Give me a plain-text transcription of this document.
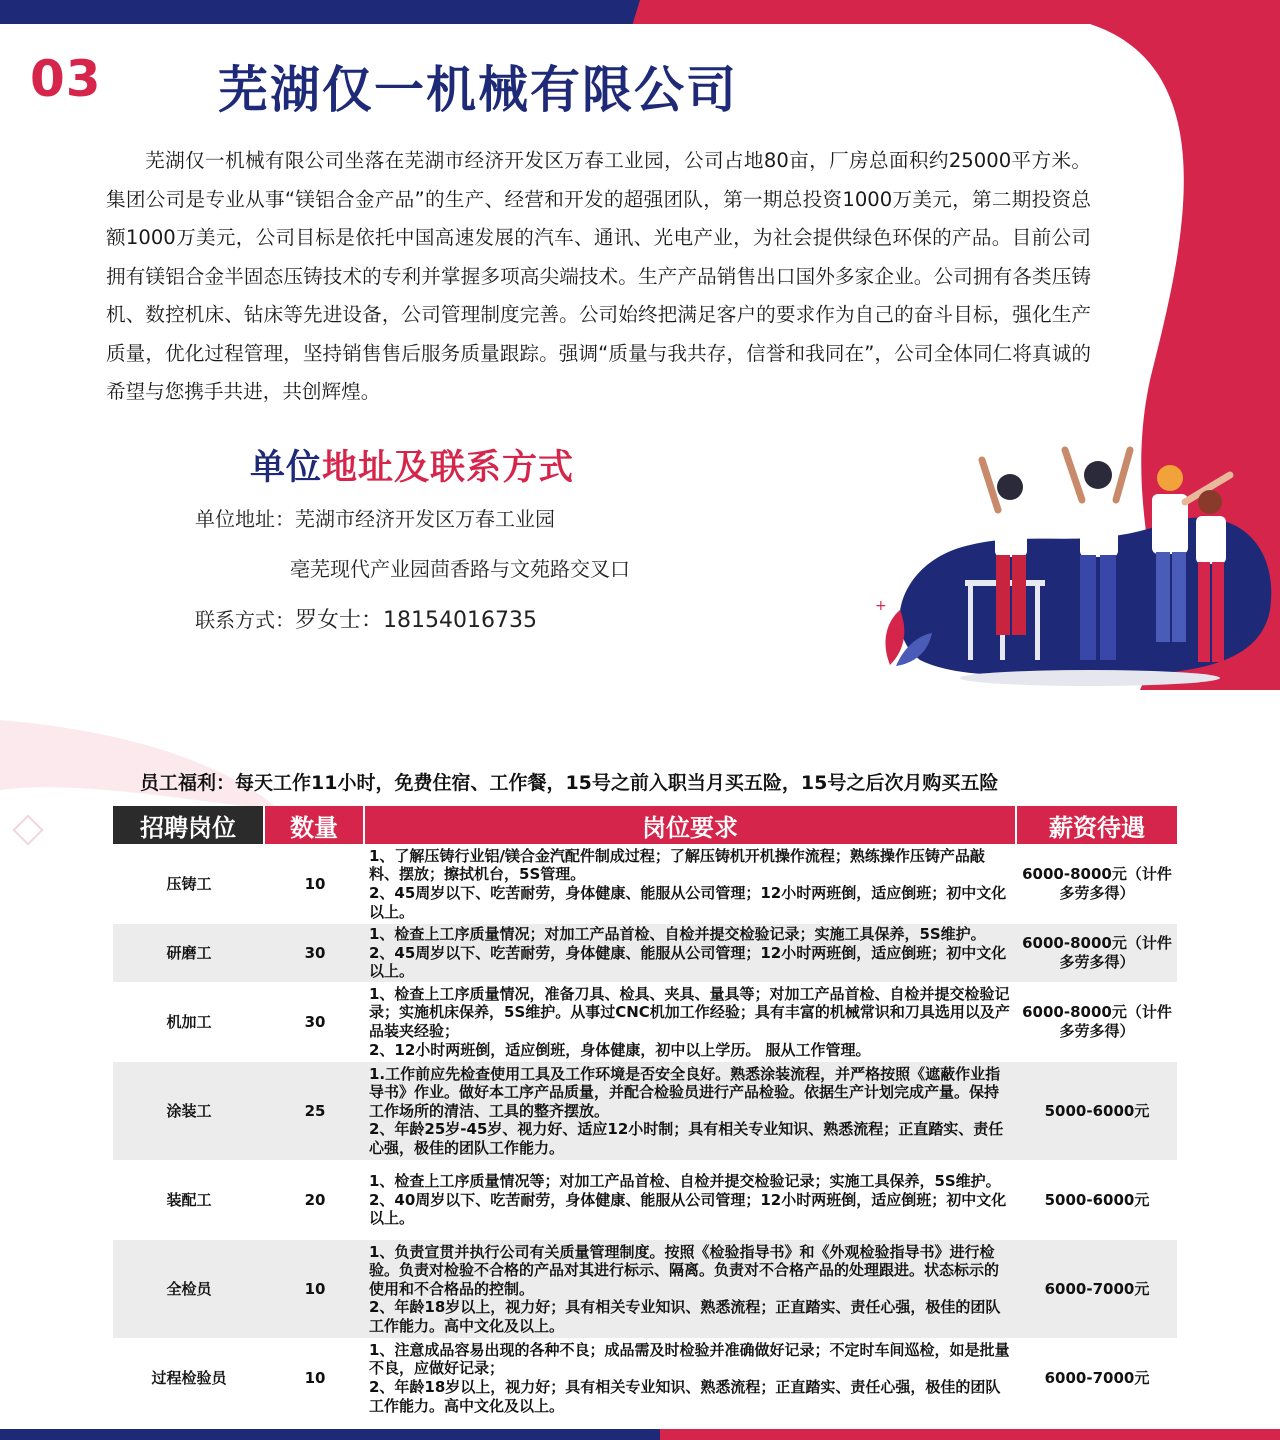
03 芜湖仅一机械有限公司

芜湖仅一机械有限公司坐落在芜湖市经济开发区万春工业园，公司占地80亩，厂房总面积约25000平方米。集团公司是专业从事“镁铝合金产品”的生产、经营和开发的超强团队，第一期总投资1000万美元，第二期投资总额1000万美元，公司目标是依托中国高速发展的汽车、通讯、光电产业，为社会提供绿色环保的产品。目前公司拥有镁铝合金半固态压铸技术的专利并掌握多项高尖端技术。生产产品销售出口国外多家企业。公司拥有各类压铸机、数控机床、钻床等先进设备，公司管理制度完善。公司始终把满足客户的要求作为自己的奋斗目标，强化生产质量，优化过程管理，坚持销售售后服务质量跟踪。强调“质量与我共存，信誉和我同在”，公司全体同仁将真诚的希望与您携手共进，共创辉煌。

单位地址及联系方式
单位地址：芜湖市经济开发区万春工业园
亳芜现代产业园茴香路与文苑路交叉口
联系方式：罗女士：18154016735
+
员工福利：每天工作11小时，免费住宿、工作餐，15号之前入职当月买五险，15号之后次月购买五险
招聘岗位	数量	岗位要求	薪资待遇
压铸工	10	1、了解压铸行业铝/镁合金汽配件制成过程；了解压铸机开机操作流程；熟练操作压铸产品敲料、摆放；擦拭机台，5S管理。
2、45周岁以下、吃苦耐劳，身体健康、能服从公司管理；12小时两班倒，适应倒班；初中文化以上。	6000-8000元（计件多劳多得）
研磨工	30	1、检查上工序质量情况；对加工产品首检、自检并提交检验记录；实施工具保养，5S维护。
2、45周岁以下、吃苦耐劳，身体健康、能服从公司管理；12小时两班倒，适应倒班；初中文化以上。	6000-8000元（计件多劳多得）
机加工	30	1、检查上工序质量情况，准备刀具、检具、夹具、量具等；对加工产品首检、自检并提交检验记录；实施机床保养，5S维护。从事过CNC机加工作经验；具有丰富的机械常识和刀具选用以及产品装夹经验；
2、12小时两班倒，适应倒班，身体健康，初中以上学历。 服从工作管理。	6000-8000元（计件多劳多得）
涂装工	25	1.工作前应先检查使用工具及工作环境是否安全良好。熟悉涂装流程，并严格按照《遮蔽作业指导书》作业。做好本工序产品质量，并配合检验员进行产品检验。依据生产计划完成产量。保持工作场所的清洁、工具的整齐摆放。
2、年龄25岁-45岁、视力好、适应12小时制；具有相关专业知识、熟悉流程；正直踏实、责任心强，极佳的团队工作能力。	5000-6000元
装配工	20	1、检查上工序质量情况等；对加工产品首检、自检并提交检验记录；实施工具保养，5S维护。
2、40周岁以下、吃苦耐劳，身体健康、能服从公司管理；12小时两班倒，适应倒班；初中文化以上。	5000-6000元
全检员	10	1、负责宣贯并执行公司有关质量管理制度。按照《检验指导书》和《外观检验指导书》进行检验。负责对检验不合格的产品对其进行标示、隔离。负责对不合格产品的处理跟进。状态标示的使用和不合格品的控制。
2、年龄18岁以上，视力好；具有相关专业知识、熟悉流程；正直踏实、责任心强，极佳的团队工作能力。高中文化及以上。	6000-7000元
过程检验员	10	1、注意成品容易出现的各种不良；成品需及时检验并准确做好记录；不定时车间巡检，如是批量不良，应做好记录；
2、年龄18岁以上，视力好；具有相关专业知识、熟悉流程；正直踏实、责任心强，极佳的团队工作能力。高中文化及以上。	6000-7000元
